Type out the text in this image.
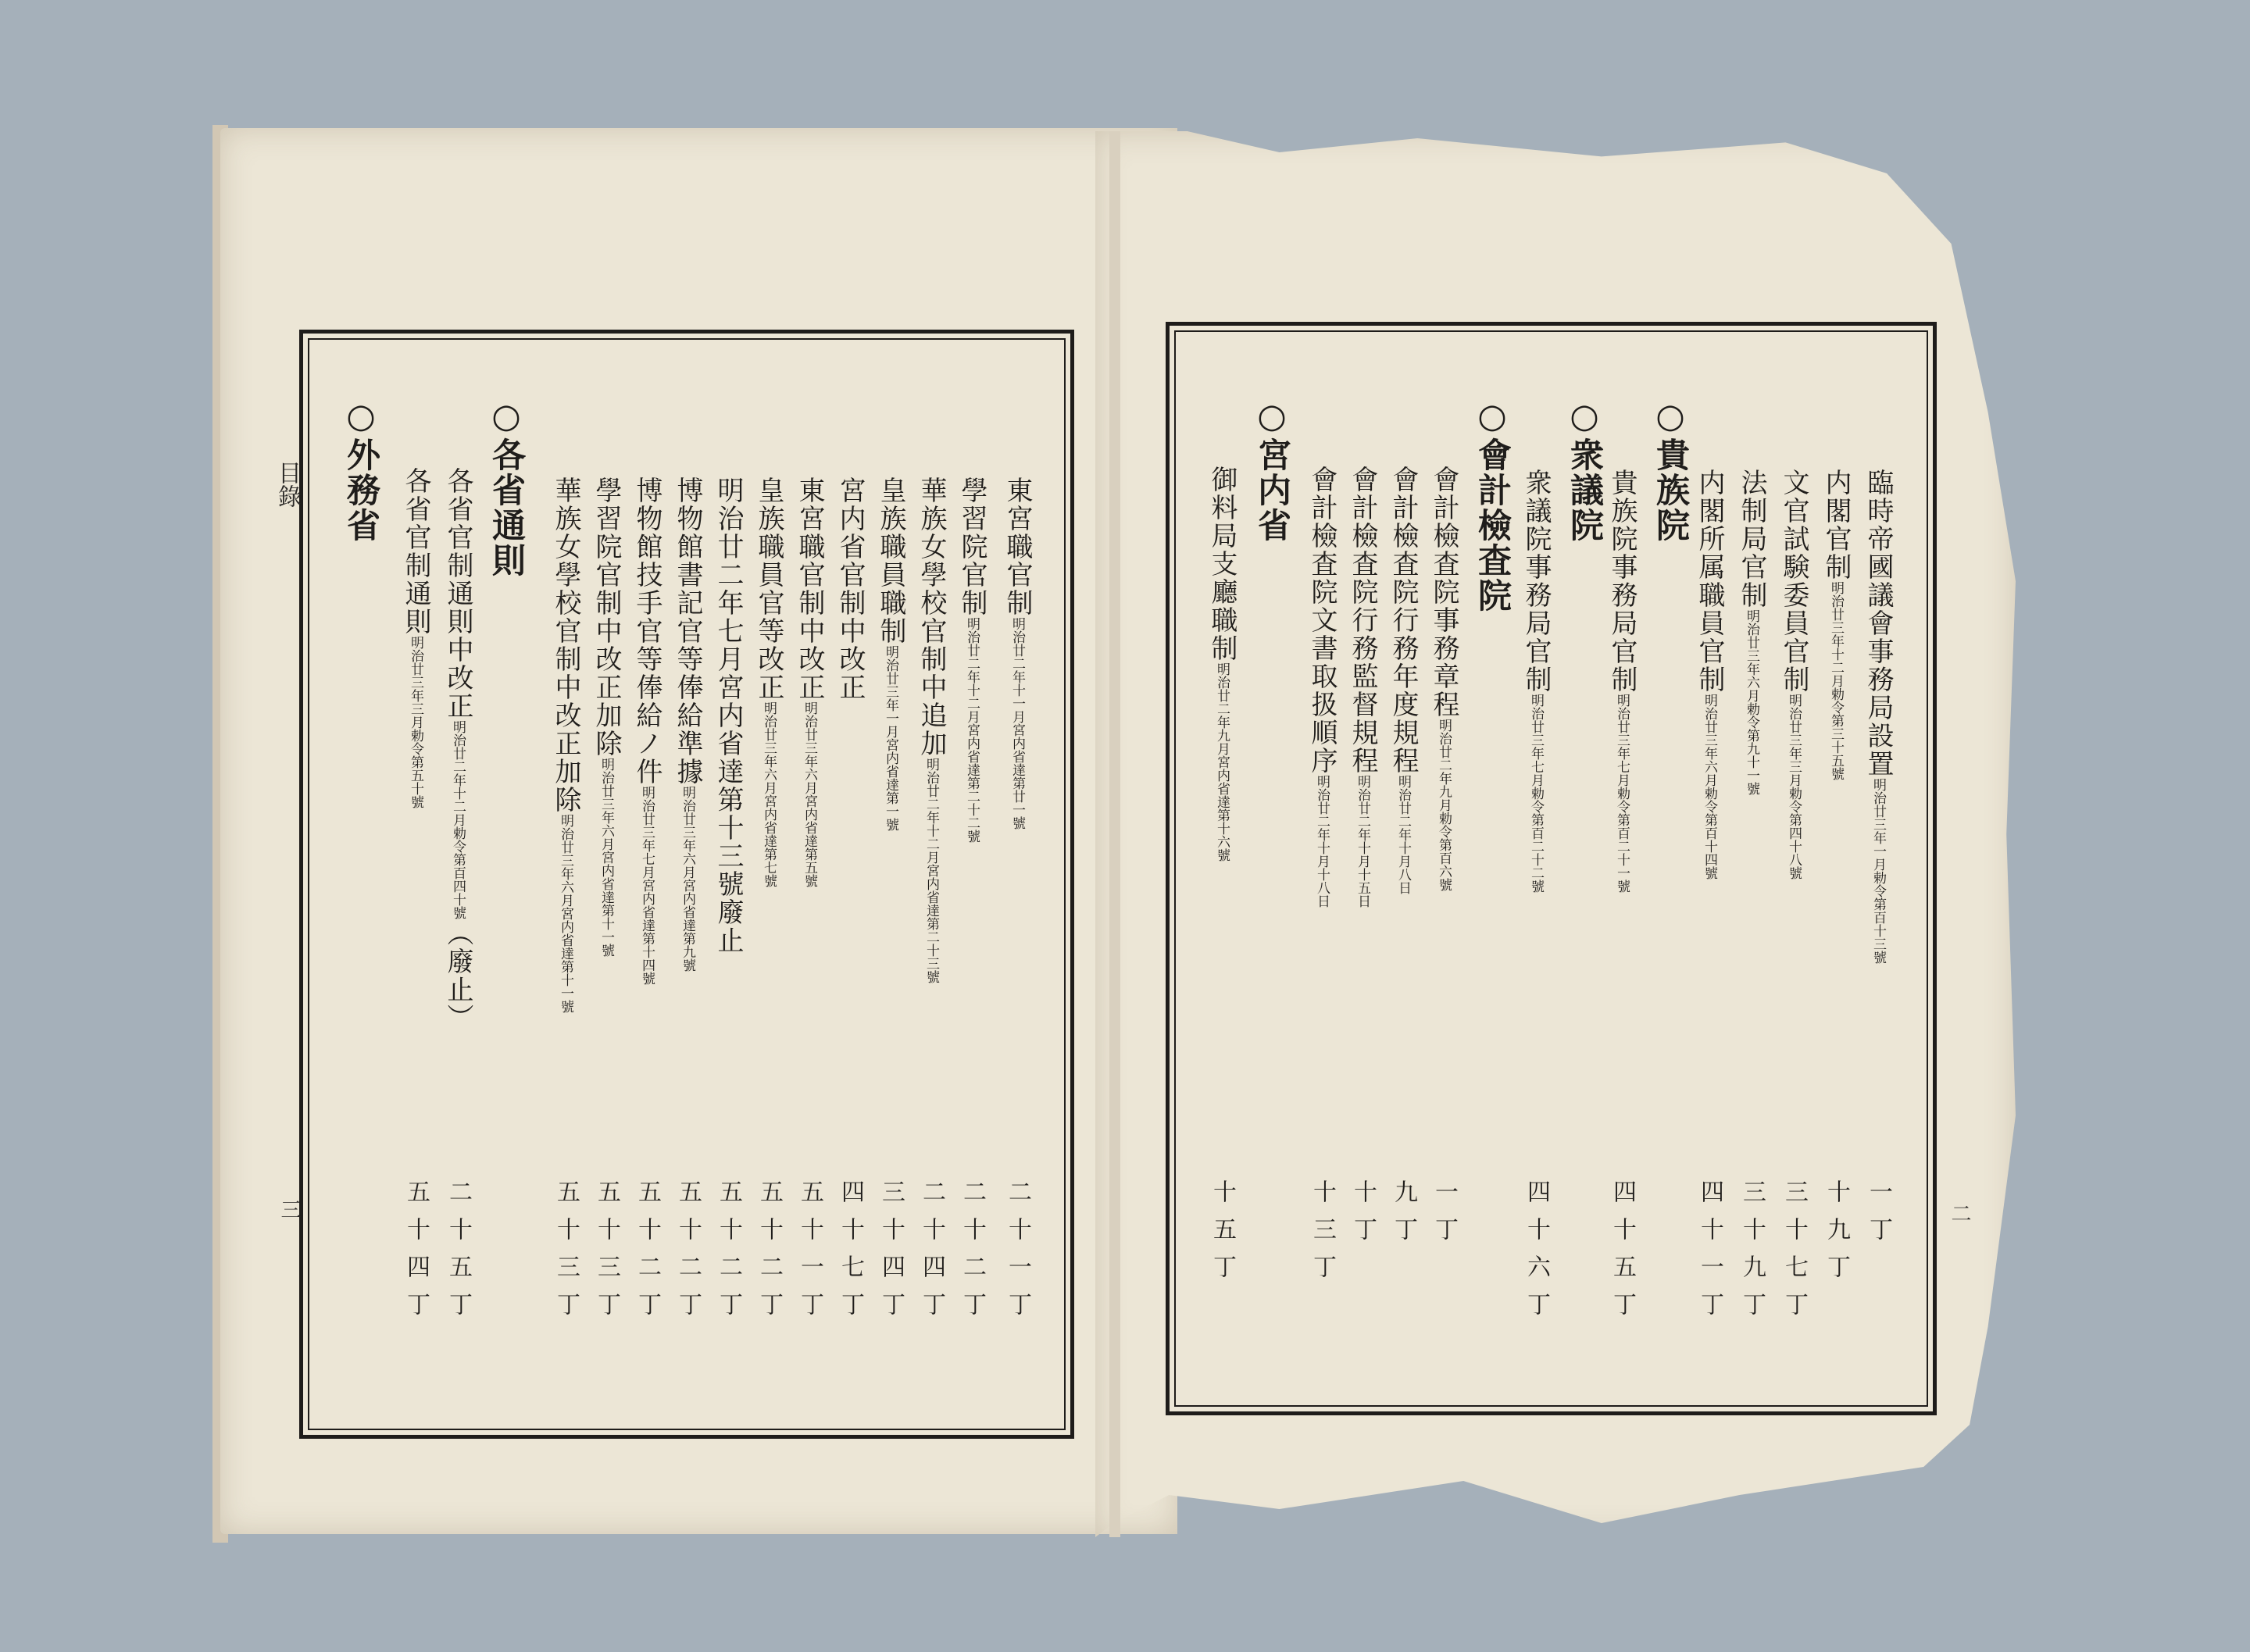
目錄
三
東宮職官制明治廿二年十一月宮内省達第廿一號
二十一丁
學習院官制明治廿二年十二月宮内省達第二十二號
二十二丁
華族女學校官制中追加明治廿二年十二月宮内省達第二十三號
二十四丁
皇族職員職制明治廿三年一月宮内省達第一號
三十四丁
宮内省官制中改正
四十七丁
東宮職官制中改正明治廿三年六月宮内省達第五號
五十一丁
皇族職員官等改正明治廿三年六月宮内省達第七號
五十二丁
明治廿二年七月宮内省達第十三號廢止
五十二丁
博物館書記官等俸給準據明治廿三年六月宮内省達第九號
五十二丁
博物館技手官等俸給ノ件明治廿三年七月宮内省達第十四號
五十二丁
學習院官制中改正加除明治廿三年六月宮内省達第十一號
五十三丁
華族女學校官制中改正加除明治廿三年六月宮内省達第十一號
五十三丁
○各省通則
各省官制通則中改正明治廿二年十二月勅令第百四十號（廢止）
二十五丁
各省官制通則明治廿三年三月勅令第五十號
五十四丁
○外務省
二
臨時帝國議會事務局設置明治廿三年一月勅令第百十三號
一丁
内閣官制明治廿三年十二月勅令第三十五號
十九丁
文官試験委員官制明治廿三年三月勅令第四十八號
三十七丁
法制局官制明治廿三年六月勅令第九十一號
三十九丁
内閣所属職員官制明治廿三年六月勅令第百十四號
四十一丁
○貴族院
貴族院事務局官制明治廿三年七月勅令第百二十一號
四十五丁
○衆議院
衆議院事務局官制明治廿三年七月勅令第百二十二號
四十六丁
○會計檢査院
會計檢査院事務章程明治廿二年九月勅令第百六號
一丁
會計檢査院行務年度規程明治廿二年十月八日
九丁
會計檢査院行務監督規程明治廿二年十月十五日
十丁
會計檢査院文書取扱順序明治廿二年十月十八日
十三丁
○宮内省
御料局支廳職制明治廿二年九月宮内省達第十六號
十五丁
